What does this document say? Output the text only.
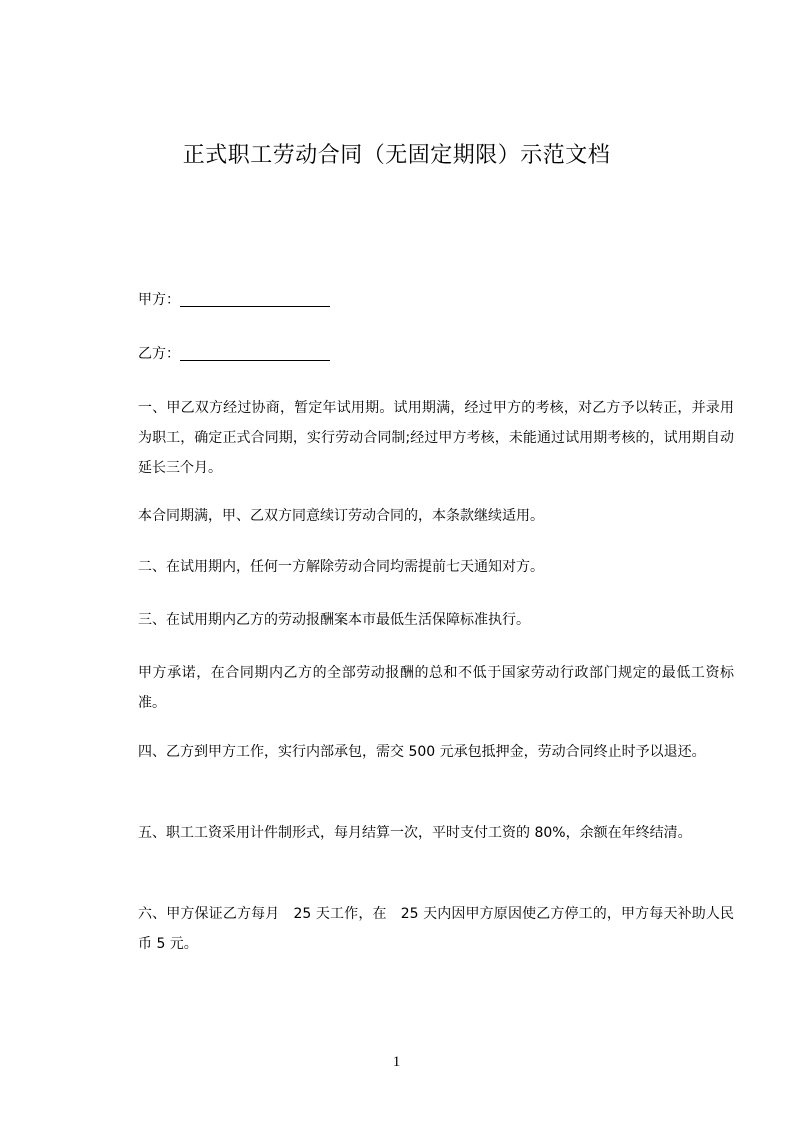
正式职工劳动合同（无固定期限）示范文档

甲方：

乙方：

一、甲乙双方经过协商，暂定年试用期。试用期满，经过甲方的考核，对乙方予以转正，并录用为职工，确定正式合同期，实行劳动合同制;经过甲方考核，未能通过试用期考核的，试用期自动延长三个月。

本合同期满，甲、乙双方同意续订劳动合同的，本条款继续适用。

二、在试用期内，任何一方解除劳动合同均需提前七天通知对方。

三、在试用期内乙方的劳动报酬案本市最低生活保障标准执行。

甲方承诺，在合同期内乙方的全部劳动报酬的总和不低于国家劳动行政部门规定的最低工资标准。

四、乙方到甲方工作，实行内部承包，需交 500 元承包抵押金，劳动合同终止时予以退还。

五、职工工资采用计件制形式，每月结算一次，平时支付工资的 80%，余额在年终结清。

六、甲方保证乙方每月　25 天工作，在　25 天内因甲方原因使乙方停工的，甲方每天补助人民币 5 元。

1
